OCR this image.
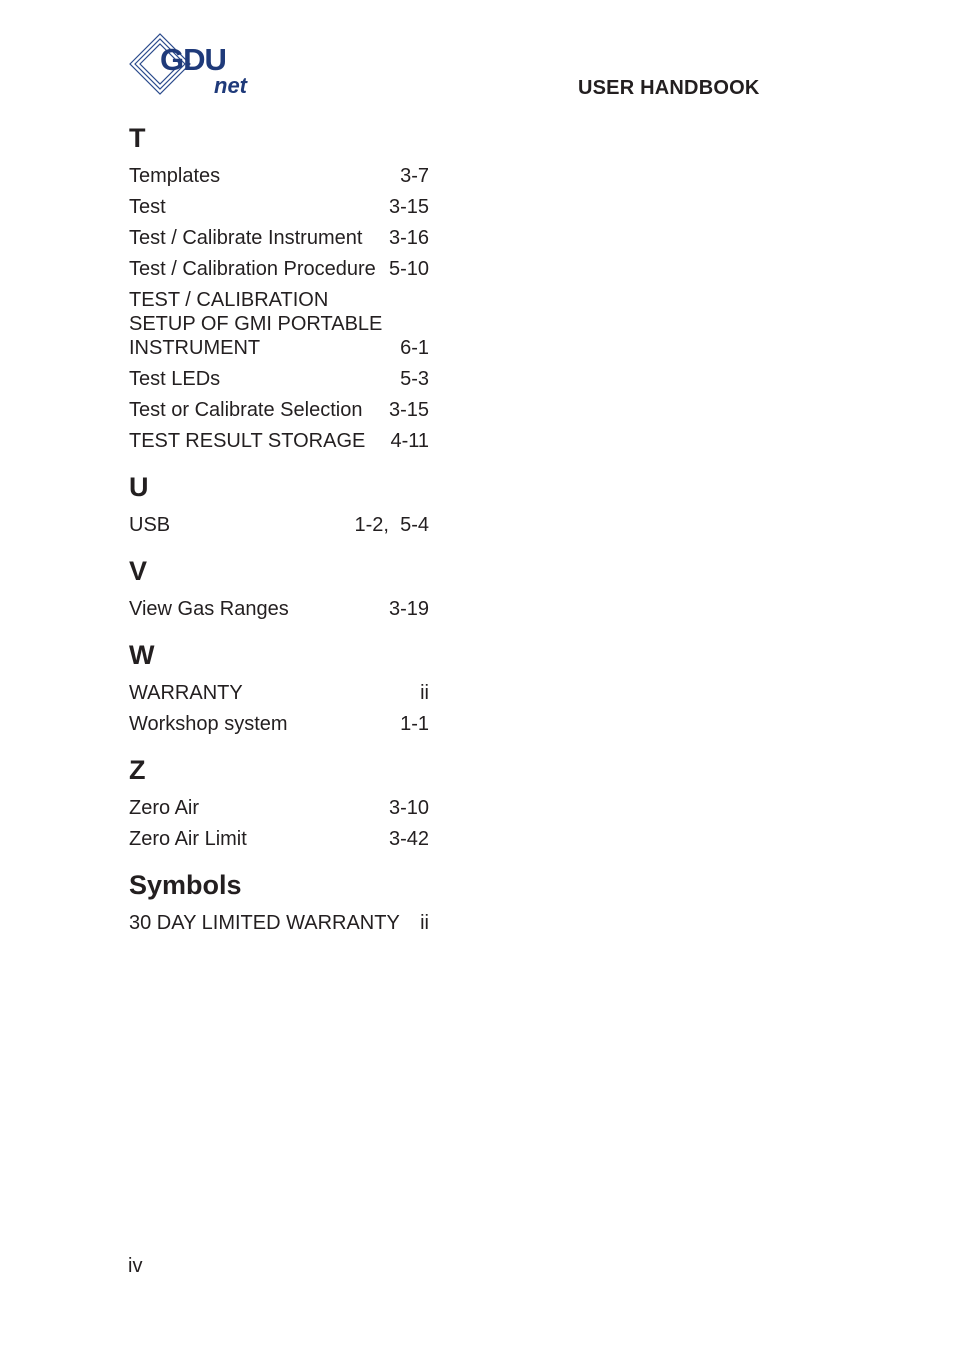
GDU
net	USER HANDBOOK
T
Templates	3-7
Test	3-15
Test / Calibrate Instrument 3-16
Test / Calibration Procedure 5-10
TEST / CALIBRATION
SETUP OF GMI PORTABLE
INSTRUMENT	6-1
Test LEDs	5-3
Test or Calibrate Selection 3-15
TEST RESULT STORAGE 4-11
U
USB	1-2,  5-4
V
View Gas Ranges	3-19
W
WARRANTY	ii
Workshop system	1-1
Z
Zero Air	3-10
Zero Air Limit	3-42
Symbols
30 DAY LIMITED WARRANTY ii
iv
